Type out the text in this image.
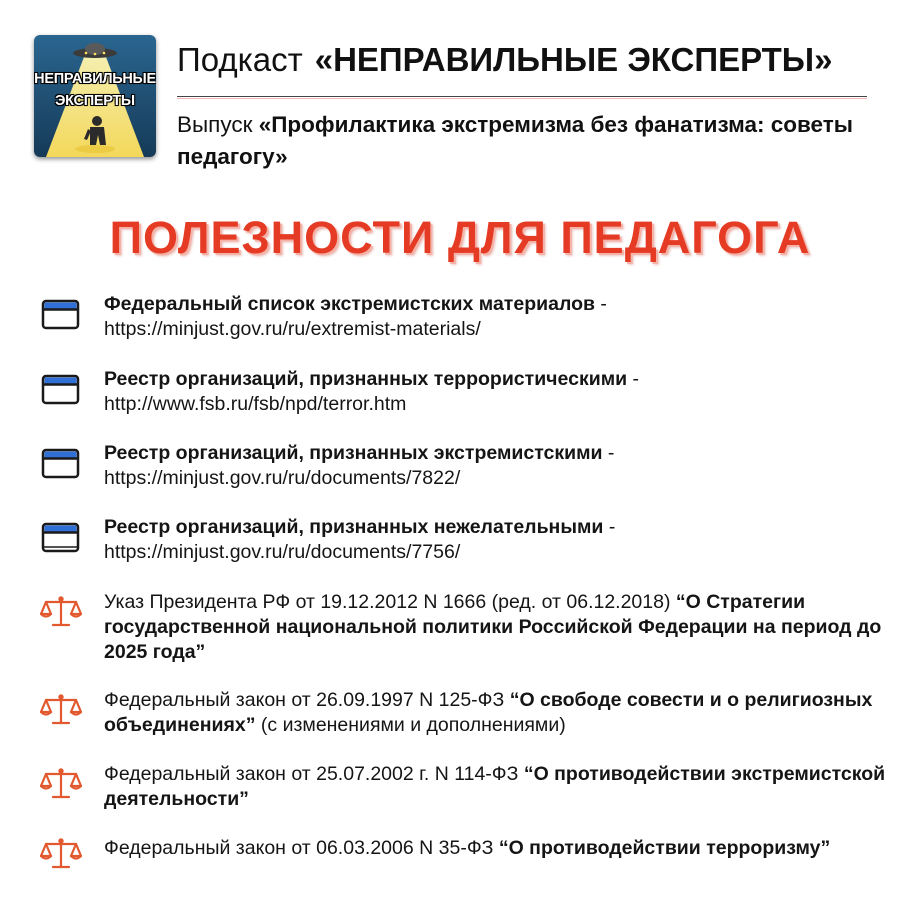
НЕПРАВИЛЬНЫЕ
ЭКСПЕРТЫ
Подкаст «НЕПРАВИЛЬНЫЕ ЭКСПЕРТЫ»
Выпуск «Профилактика экстремизма без фанатизма: советы педагогу»
ПОЛЕЗНОСТИ ДЛЯ ПЕДАГОГА
Федеральный список экстремистских материалов - https://minjust.gov.ru/ru/extremist-materials/
Реестр организаций, признанных террористическими - http://www.fsb.ru/fsb/npd/terror.htm
Реестр организаций, признанных экстремистскими - https://minjust.gov.ru/ru/documents/7822/
Реестр организаций, признанных нежелательными - https://minjust.gov.ru/ru/documents/7756/
Указ Президента РФ от 19.12.2012 N 1666 (ред. от 06.12.2018) “О Стратегии государственной национальной политики Российской Федерации на период до 2025 года”
Федеральный закон от 26.09.1997 N 125-ФЗ “О свободе совести и о религиозных объединениях” (с изменениями и дополнениями)
Федеральный закон от 25.07.2002 г. N 114-ФЗ “О противодействии экстремистской деятельности”
Федеральный закон от 06.03.2006 N 35-ФЗ “О противодействии терроризму”
